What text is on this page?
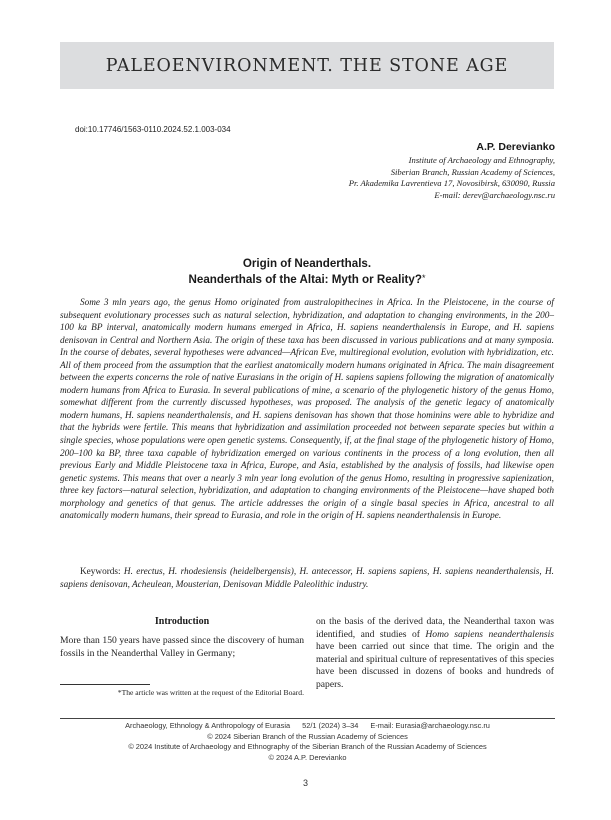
PALEOENVIRONMENT. THE STONE AGE
doi:10.17746/1563-0110.2024.52.1.003-034
A.P. Derevianko
Institute of Archaeology and Ethnography,
Siberian Branch, Russian Academy of Sciences,
Pr. Akademika Lavrentieva 17, Novosibirsk, 630090, Russia
E-mail: derev@archaeology.nsc.ru
Origin of Neanderthals.
Neanderthals of the Altai: Myth or Reality?*

Some 3 mln years ago, the genus Homo originated from australopithecines in Africa. In the Pleistocene, in the course of subsequent evolutionary processes such as natural selection, hybridization, and adaptation to changing environments, in the 200–100 ka BP interval, anatomically modern humans emerged in Africa, H. sapiens neanderthalensis in Europe, and H. sapiens denisovan in Central and Northern Asia. The origin of these taxa has been discussed in various publications and at many symposia. In the course of debates, several hypotheses were advanced—African Eve, multiregional evolution, evolution with hybridization, etc. All of them proceed from the assumption that the earliest anatomically modern humans originated in Africa. The main disagreement between the experts concerns the role of native Eurasians in the origin of H. sapiens sapiens following the migration of anatomically modern humans from Africa to Eurasia. In several publications of mine, a scenario of the phylogenetic history of the genus Homo, somewhat different from the currently discussed hypotheses, was proposed. The analysis of the genetic legacy of anatomically modern humans, H. sapiens neanderthalensis, and H. sapiens denisovan has shown that those hominins were able to hybridize and that the hybrids were fertile. This means that hybridization and assimilation proceeded not between separate species but within a single species, whose populations were open genetic systems. Consequently, if, at the final stage of the phylogenetic history of Homo, 200–100 ka BP, three taxa capable of hybridization emerged on various continents in the process of a long evolution, then all previous Early and Middle Pleistocene taxa in Africa, Europe, and Asia, established by the analysis of fossils, had likewise open genetic systems. This means that over a nearly 3 mln year long evolution of the genus Homo, resulting in progressive sapienization, three key factors—natural selection, hybridization, and adaptation to changing environments of the Pleistocene—have shaped both morphology and genetics of that genus. The article addresses the origin of a single basal species in Africa, ancestral to all anatomically modern humans, their spread to Eurasia, and role in the origin of H. sapiens neanderthalensis in Europe.

Keywords: H. erectus, H. rhodesiensis (heidelbergensis), H. antecessor, H. sapiens sapiens, H. sapiens neanderthalensis, H. sapiens denisovan, Acheulean, Mousterian, Denisovan Middle Paleolithic industry.

Introduction

More than 150 years have passed since the discovery of human fossils in the Neanderthal Valley in Germany;

on the basis of the derived data, the Neanderthal taxon was identified, and studies of Homo sapiens neanderthalensis have been carried out since that time. The origin and the material and spiritual culture of representatives of this species have been discussed in dozens of books and hundreds of papers.

*The article was written at the request of the Editorial Board.
Archaeology, Ethnology & Anthropology of Eurasia 52/1 (2024) 3–34 E-mail: Eurasia@archaeology.nsc.ru
© 2024 Siberian Branch of the Russian Academy of Sciences
© 2024 Institute of Archaeology and Ethnography of the Siberian Branch of the Russian Academy of Sciences
© 2024 A.P. Derevianko
3
